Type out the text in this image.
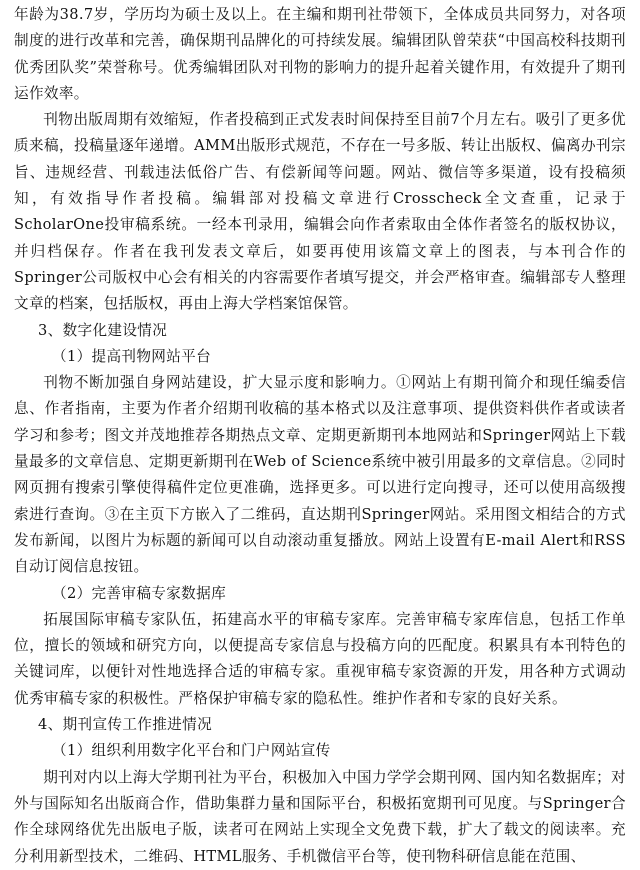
年龄为38.7岁，学历均为硕士及以上。在主编和期刊社带领下，全体成员共同努力，对各项制度的进行改革和完善，确保期刊品牌化的可持续发展。编辑团队曾荣获“中国高校科技期刊优秀团队奖”荣誉称号。优秀编辑团队对刊物的影响力的提升起着关键作用，有效提升了期刊运作效率。

刊物出版周期有效缩短，作者投稿到正式发表时间保持至目前7个月左右。吸引了更多优质来稿，投稿量逐年递增。AMM出版形式规范，不存在一号多版、转让出版权、偏离办刊宗旨、违规经营、刊载违法低俗广告、有偿新闻等问题。网站、微信等多渠道，设有投稿须知，有效指导作者投稿。编辑部对投稿文章进行Crosscheck全文查重，记录于ScholarOne投审稿系统。一经本刊录用，编辑会向作者索取由全体作者签名的版权协议，并归档保存。作者在我刊发表文章后，如要再使用该篇文章上的图表，与本刊合作的Springer公司版权中心会有相关的内容需要作者填写提交，并会严格审查。编辑部专人整理文章的档案，包括版权，再由上海大学档案馆保管。

3、数字化建设情况

（1）提高刊物网站平台

刊物不断加强自身网站建设，扩大显示度和影响力。①网站上有期刊简介和现任编委信息、作者指南，主要为作者介绍期刊收稿的基本格式以及注意事项、提供资料供作者或读者学习和参考；图文并茂地推荐各期热点文章、定期更新期刊本地网站和Springer网站上下载量最多的文章信息、定期更新期刊在Web of Science系统中被引用最多的文章信息。②同时网页拥有搜索引擎使得稿件定位更准确，选择更多。可以进行定向搜寻，还可以使用高级搜索进行查询。③在主页下方嵌入了二维码，直达期刊Springer网站。采用图文相结合的方式发布新闻，以图片为标题的新闻可以自动滚动重复播放。网站上设置有E-mail Alert和RSS自动订阅信息按钮。

（2）完善审稿专家数据库

拓展国际审稿专家队伍，拓建高水平的审稿专家库。完善审稿专家库信息，包括工作单位，擅长的领域和研究方向，以便提高专家信息与投稿方向的匹配度。积累具有本刊特色的关键词库，以便针对性地选择合适的审稿专家。重视审稿专家资源的开发，用各种方式调动优秀审稿专家的积极性。严格保护审稿专家的隐私性。维护作者和专家的良好关系。

4、期刊宣传工作推进情况

（1）组织利用数字化平台和门户网站宣传

期刊对内以上海大学期刊社为平台，积极加入中国力学学会期刊网、国内知名数据库；对外与国际知名出版商合作，借助集群力量和国际平台，积极拓宽期刊可见度。与Springer合作全球网络优先出版电子版，读者可在网站上实现全文免费下载，扩大了载文的阅读率。充分利用新型技术，二维码、HTML服务、手机微信平台等，使刊物科研信息能在范围、
